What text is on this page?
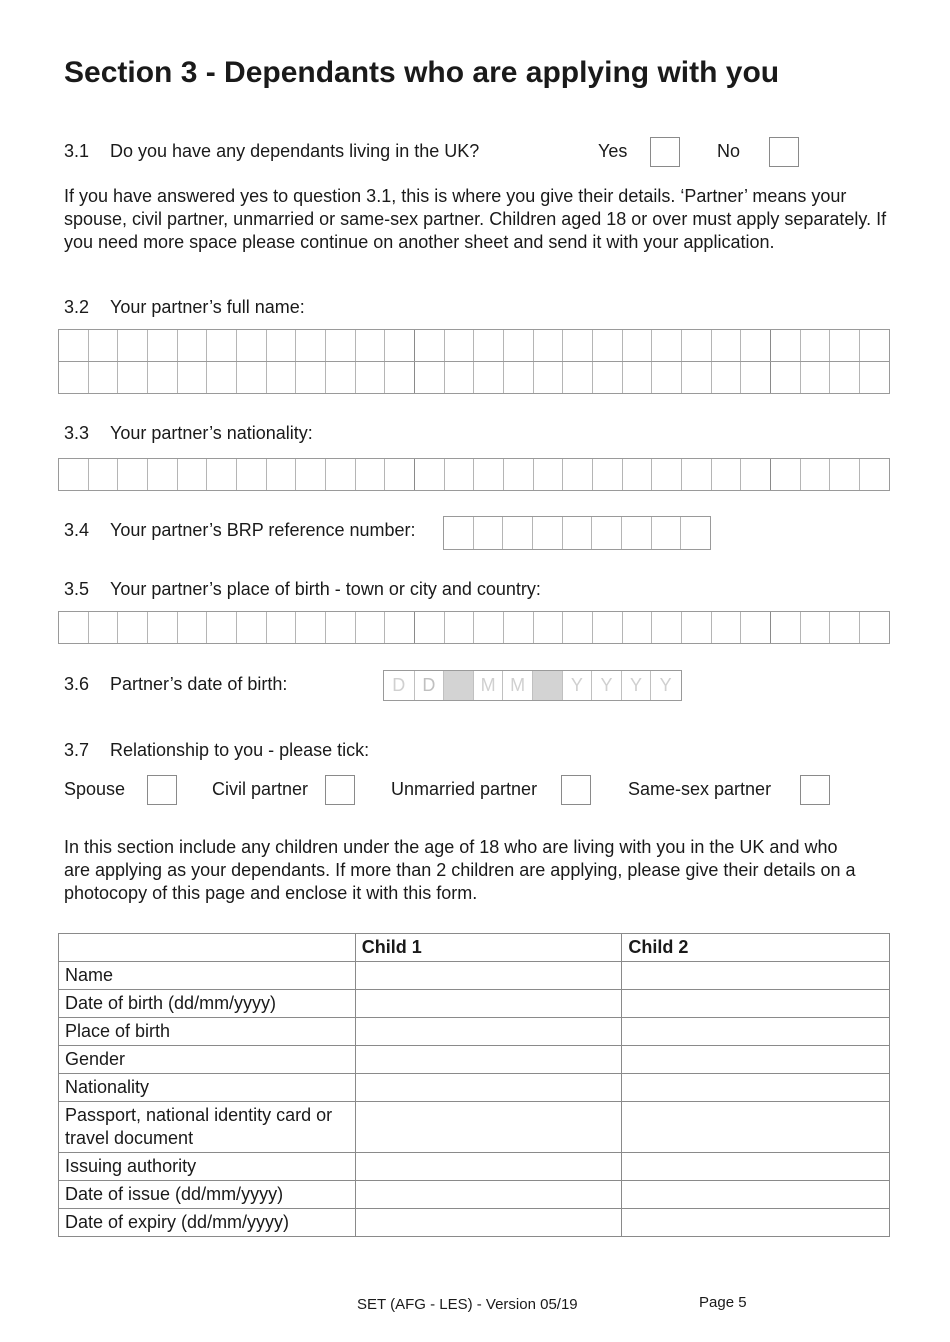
Section 3 - Dependants who are applying with you
3.1 Do you have any dependants living in the UK?	Yes	No
If you have answered yes to question 3.1, this is where you give their details. ‘Partner’ means your spouse, civil partner, unmarried or same-sex partner. Children aged 18 or over must apply separately. If you need more space please continue on another sheet and send it with your application.
3.2 Your partner’s full name:
3.3 Your partner’s nationality:
3.4 Your partner’s BRP reference number:
3.5 Your partner’s place of birth - town or city and country:
3.6 Partner’s date of birth:	D D	M M	Y Y Y Y
3.7 Relationship to you - please tick:
Spouse	Civil partner	Unmarried partner	Same-sex partner
In this section include any children under the age of 18 who are living with you in the UK and who are applying as your dependants. If more than 2 children are applying, please give their details on a photocopy of this page and enclose it with this form.
	Child 1	Child 2
Name		
Date of birth (dd/mm/yyyy)		
Place of birth		
Gender		
Nationality		
Passport, national identity card or travel document		
Issuing authority		
Date of issue (dd/mm/yyyy)		
Date of expiry (dd/mm/yyyy)		
SET (AFG - LES) - Version 05/19	Page 5
